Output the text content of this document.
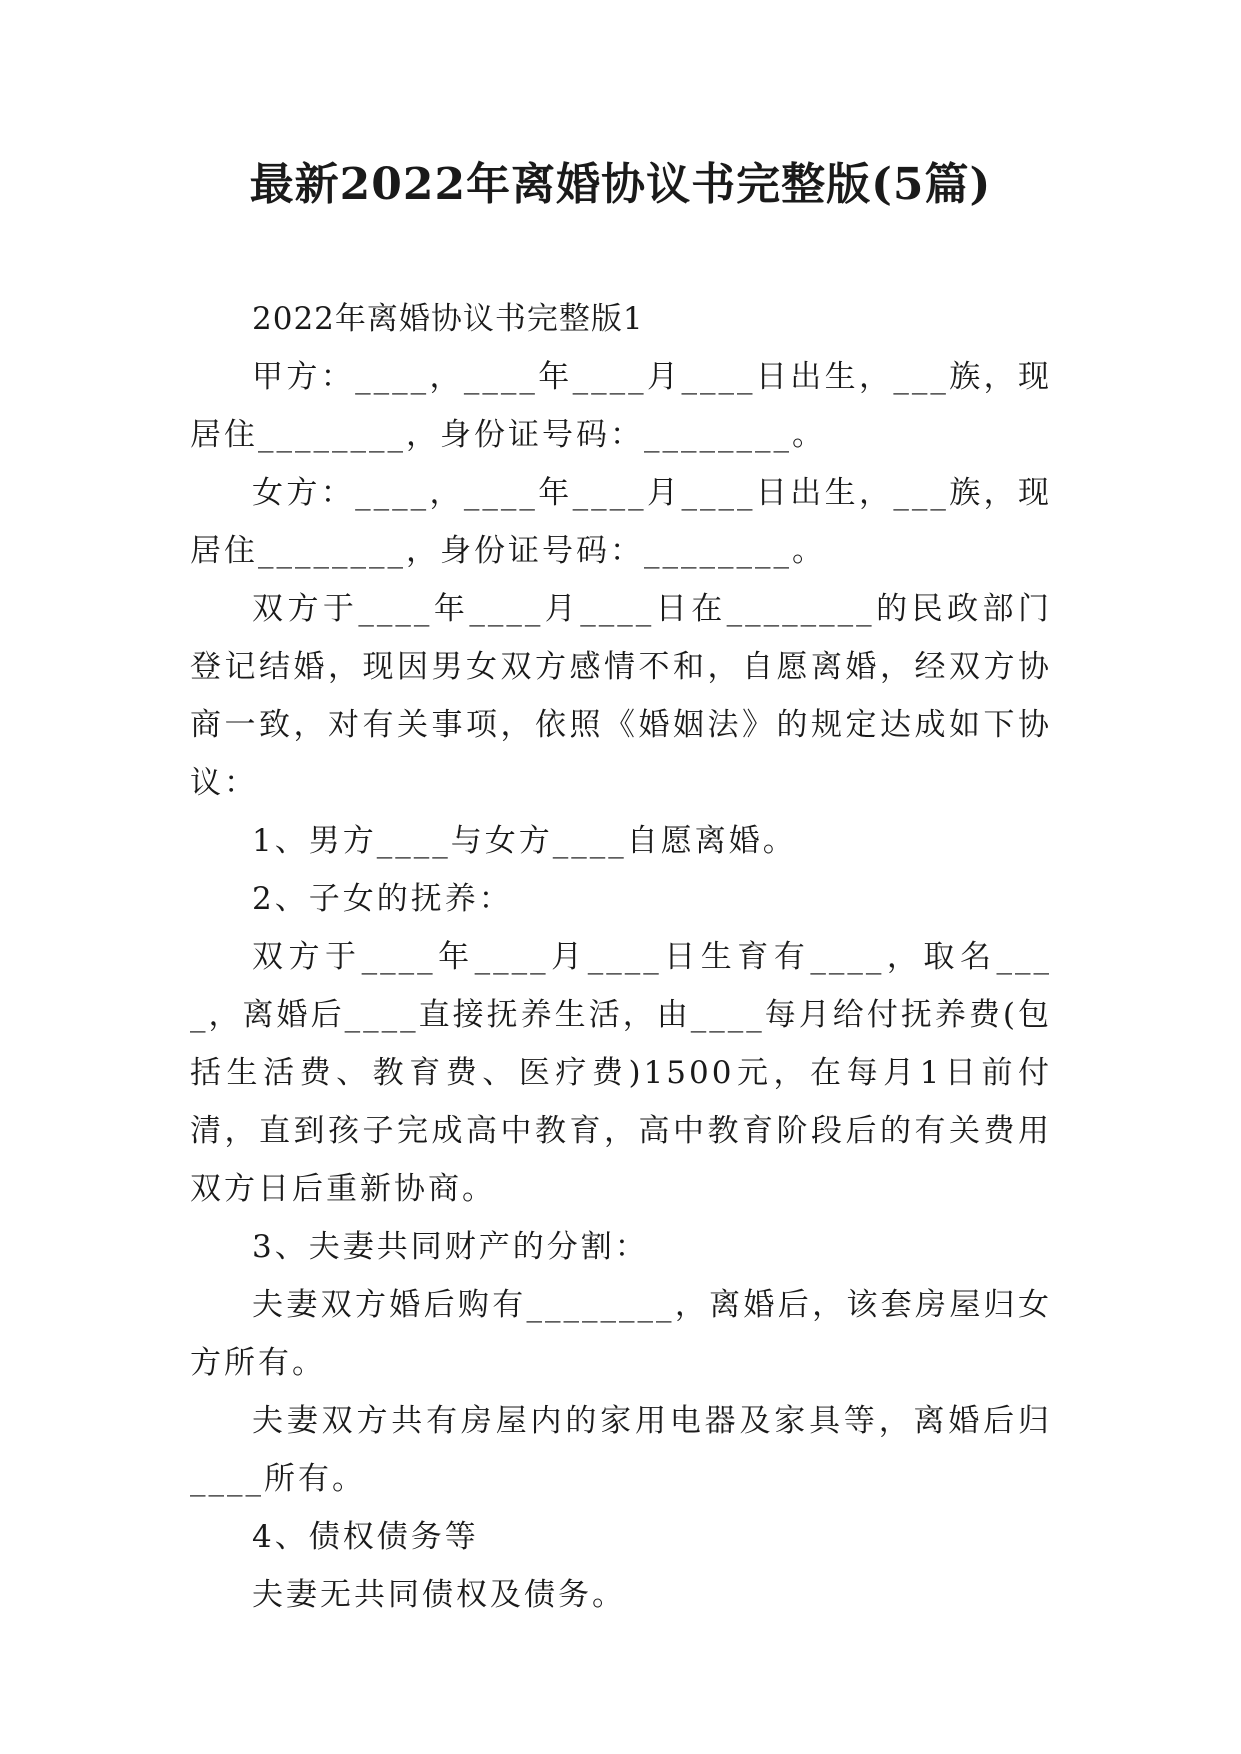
最新2022年离婚协议书完整版(5篇)

2022年离婚协议书完整版1

甲方：____，____年____月____日出生，___族，现居住________，身份证号码：________。

女方：____，____年____月____日出生，___族，现居住________，身份证号码：________。

双方于____年____月____日在________的民政部门登记结婚，现因男女双方感情不和，自愿离婚，经双方协商一致，对有关事项，依照《婚姻法》的规定达成如下协议：

1、男方____与女方____自愿离婚。

2、子女的抚养：

双方于____年____月____日生育有____，取名____，离婚后____直接抚养生活，由____每月给付抚养费(包括生活费、教育费、医疗费)1500元，在每月1日前付清，直到孩子完成高中教育，高中教育阶段后的有关费用双方日后重新协商。

3、夫妻共同财产的分割：

夫妻双方婚后购有________，离婚后，该套房屋归女方所有。

夫妻双方共有房屋内的家用电器及家具等，离婚后归____所有。

4、债权债务等

夫妻无共同债权及债务。
